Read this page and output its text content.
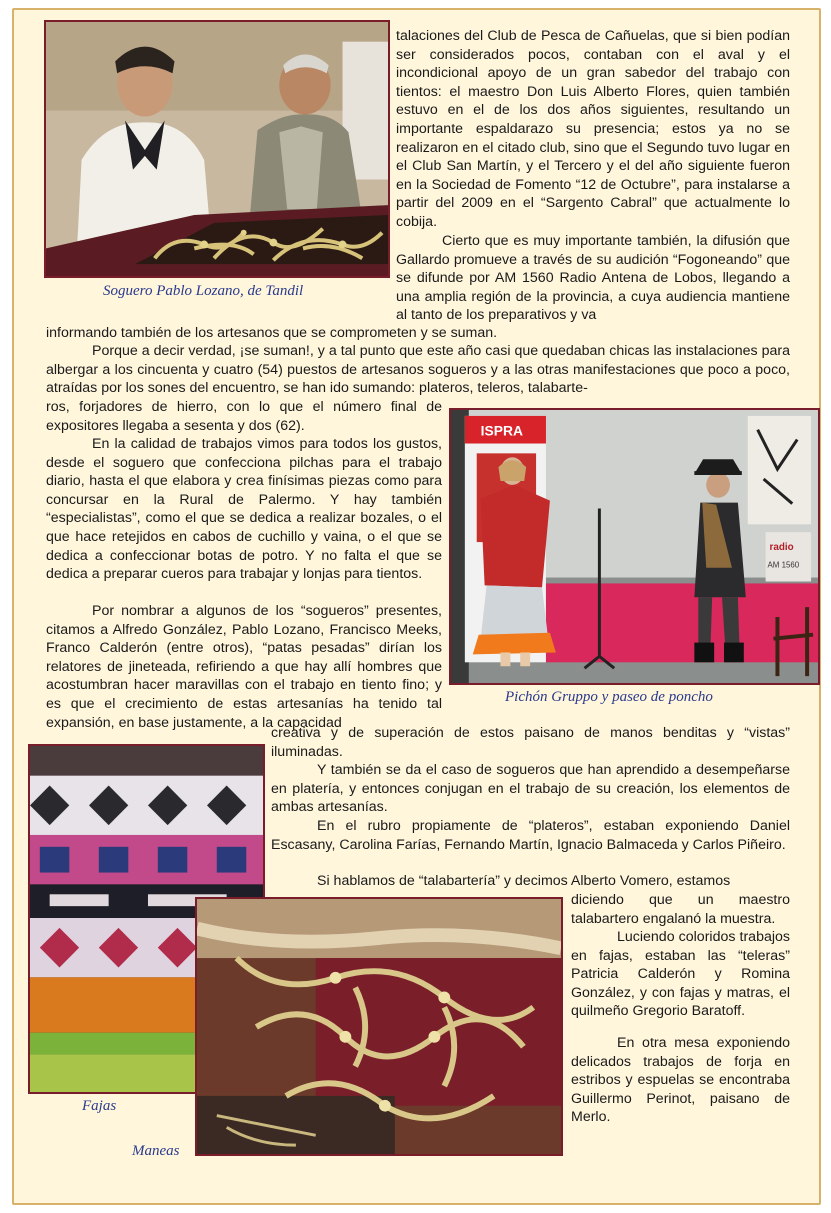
Soguero Pablo Lozano, de Tandil

talaciones del Club de Pesca de Cañuelas, que si bien podían ser considerados pocos, contaban con el aval y el incondicional apoyo de un gran sabedor del trabajo con tientos: el maestro Don Luis Alberto Flores, quien también estuvo en el de los dos años siguientes, resultando un importante espaldarazo su presencia; estos ya no se realizaron en el citado club, sino que el Segundo tuvo lugar en el Club San Martín, y el Tercero y el del año siguiente fueron en la Sociedad de Fomento “12 de Octubre”, para instalarse a partir del 2009 en el “Sargento Cabral” que actualmente lo cobija.

Cierto que es muy importante también, la difusión que Gallardo promueve a través de su audición “Fogoneando” que se difunde por AM 1560 Radio Antena de Lobos, llegando a una amplia región de la provincia, a cuya audiencia mantiene al tanto de los preparativos y va

informando también de los artesanos que se comprometen y se suman.

Porque a decir verdad, ¡se suman!, y a tal punto que este año casi que quedaban chicas las instalaciones para albergar a los cincuenta y cuatro (54) puestos de artesanos sogueros y a las otras manifestaciones que poco a poco, atraídas por los sones del encuentro, se han ido sumando: plateros, teleros, talabarte-

ros, forjadores de hierro, con lo que el número final de expositores llegaba a sesenta y dos (62).

En la calidad de trabajos vimos para todos los gustos, desde el soguero que confecciona pilchas para el trabajo diario, hasta el que elabora y crea finísimas piezas como para concursar en la Rural de Palermo. Y hay también “especialistas”, como el que se dedica a realizar bozales, o el que hace retejidos en cabos de cuchillo y vaina, o el que se dedica a confeccionar botas de potro. Y no falta el que se dedica a preparar cueros para trabajar y lonjas para tientos.

Por nombrar a algunos de los “sogueros” presentes, citamos a Alfredo González, Pablo Lozano, Francisco Meeks, Franco Calderón (entre otros), “patas pesadas” dirían los relatores de jineteada, refiriendo a que hay allí hombres que acostumbran hacer maravillas con el trabajo en tiento fino; y es que el crecimiento de estas artesanías ha tenido tal expansión, en base justamente, a la capacidad

ISPRA
radio
AM 1560

Pichón Gruppo y paseo de poncho

creativa y de superación de estos paisano de manos benditas y “vistas” iluminadas.

Y también se da el caso de sogueros que han aprendido a desempeñarse en platería, y entonces conjugan en el trabajo de su creación, los elementos de ambas artesanías.

En el rubro propiamente de “plateros”, estaban exponiendo Daniel Escasany, Carolina Farías, Fernando Martín, Ignacio Balmaceda y Carlos Piñeiro.

Si hablamos de “talabartería” y decimos Alberto Vomero, estamos

Fajas

Maneas

diciendo que un maestro talabartero engalanó la muestra.

Luciendo coloridos trabajos en fajas, estaban las “teleras” Patricia Calderón y Romina González, y con fajas y matras, el quilmeño Gregorio Baratoff.

En otra mesa exponiendo delicados trabajos de forja en estribos y espuelas se encontraba Guillermo Perinot, paisano de Merlo.
